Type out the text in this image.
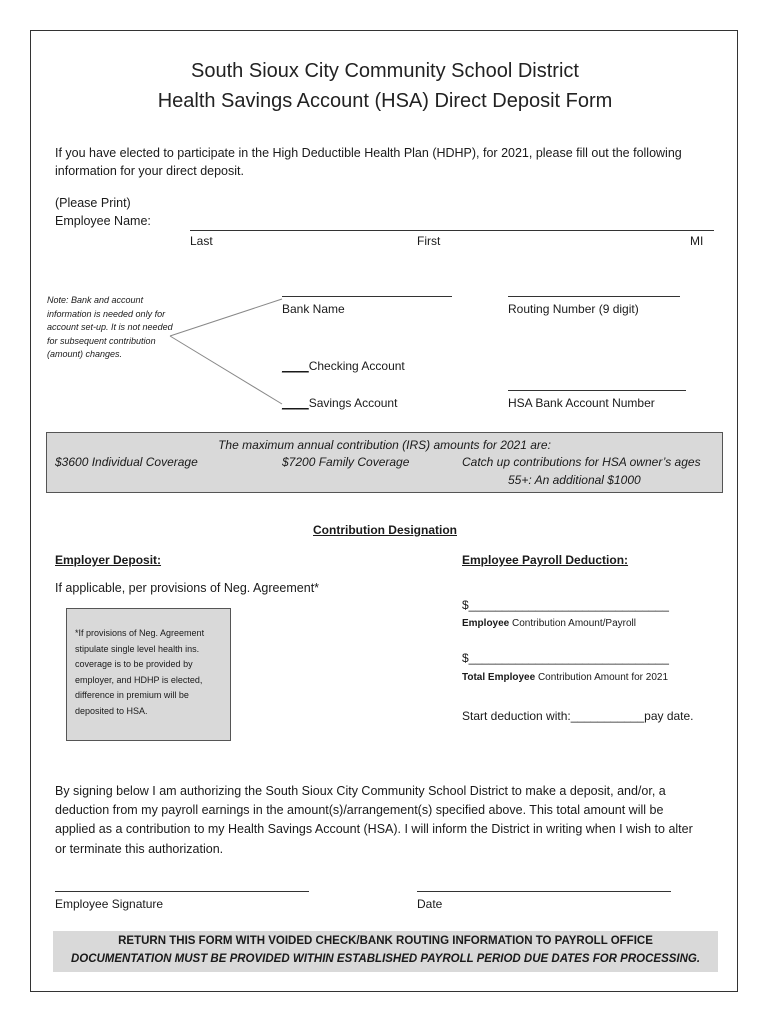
South Sioux City Community School District
Health Savings Account (HSA) Direct Deposit Form
If you have elected to participate in the High Deductible Health Plan (HDHP), for 2021, please fill out the following
information for your direct deposit.
(Please Print)
Employee Name:
Last	First	MI
Note: Bank and account information is needed only for account set-up. It is not needed for subsequent contribution (amount) changes.
Bank Name	Routing Number (9 digit)
____Checking Account
____Savings Account	HSA Bank Account Number
The maximum annual contribution (IRS) amounts for 2021 are:
$3600 Individual Coverage	$7200 Family Coverage	Catch up contributions for HSA owner’s ages
55+: An additional $1000
Contribution Designation
Employer Deposit:
If applicable, per provisions of Neg. Agreement*
*If provisions of Neg. Agreement stipulate single level health ins. coverage is to be provided by employer, and HDHP is elected, difference in premium will be deposited to HSA.
Employee Payroll Deduction:
$______________________________
Employee Contribution Amount/Payroll
$______________________________
Total Employee Contribution Amount for 2021
Start deduction with:___________pay date.
By signing below I am authorizing the South Sioux City Community School District to make a deposit, and/or, a
deduction from my payroll earnings in the amount(s)/arrangement(s) specified above. This total amount will be
applied as a contribution to my Health Savings Account (HSA). I will inform the District in writing when I wish to alter
or terminate this authorization.
Employee Signature	Date
RETURN THIS FORM WITH VOIDED CHECK/BANK ROUTING INFORMATION TO PAYROLL OFFICE
DOCUMENTATION MUST BE PROVIDED WITHIN ESTABLISHED PAYROLL PERIOD DUE DATES FOR PROCESSING.
